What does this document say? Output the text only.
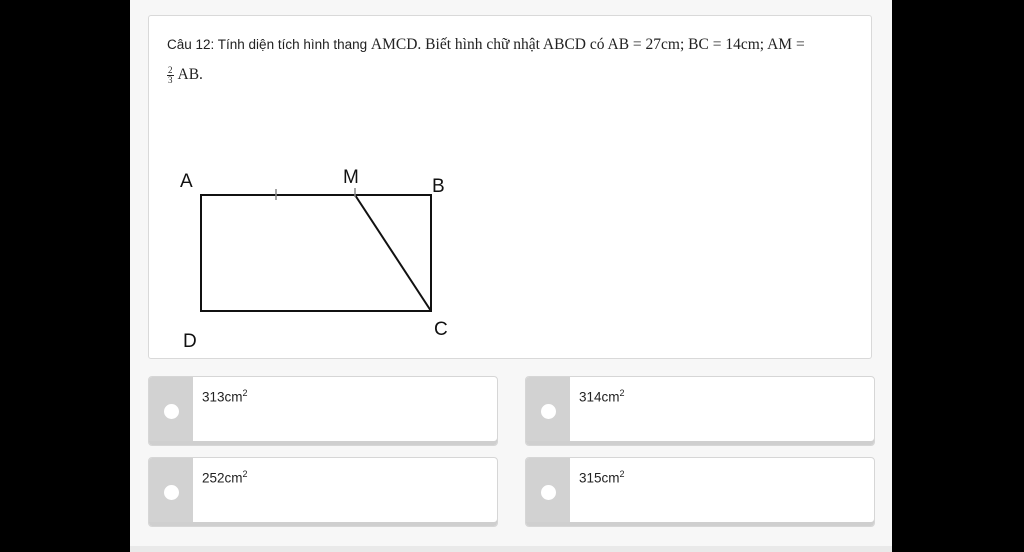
Câu 12: Tính diện tích hình thang AMCD. Biết hình chữ nhật ABCD có AB = 27cm; BC = 14cm; AM =
$\frac{2}{3}$ AB.
A	M	B
C
D
$313cm^2$	$314cm^2$
$252cm^2$	$315cm^2$
